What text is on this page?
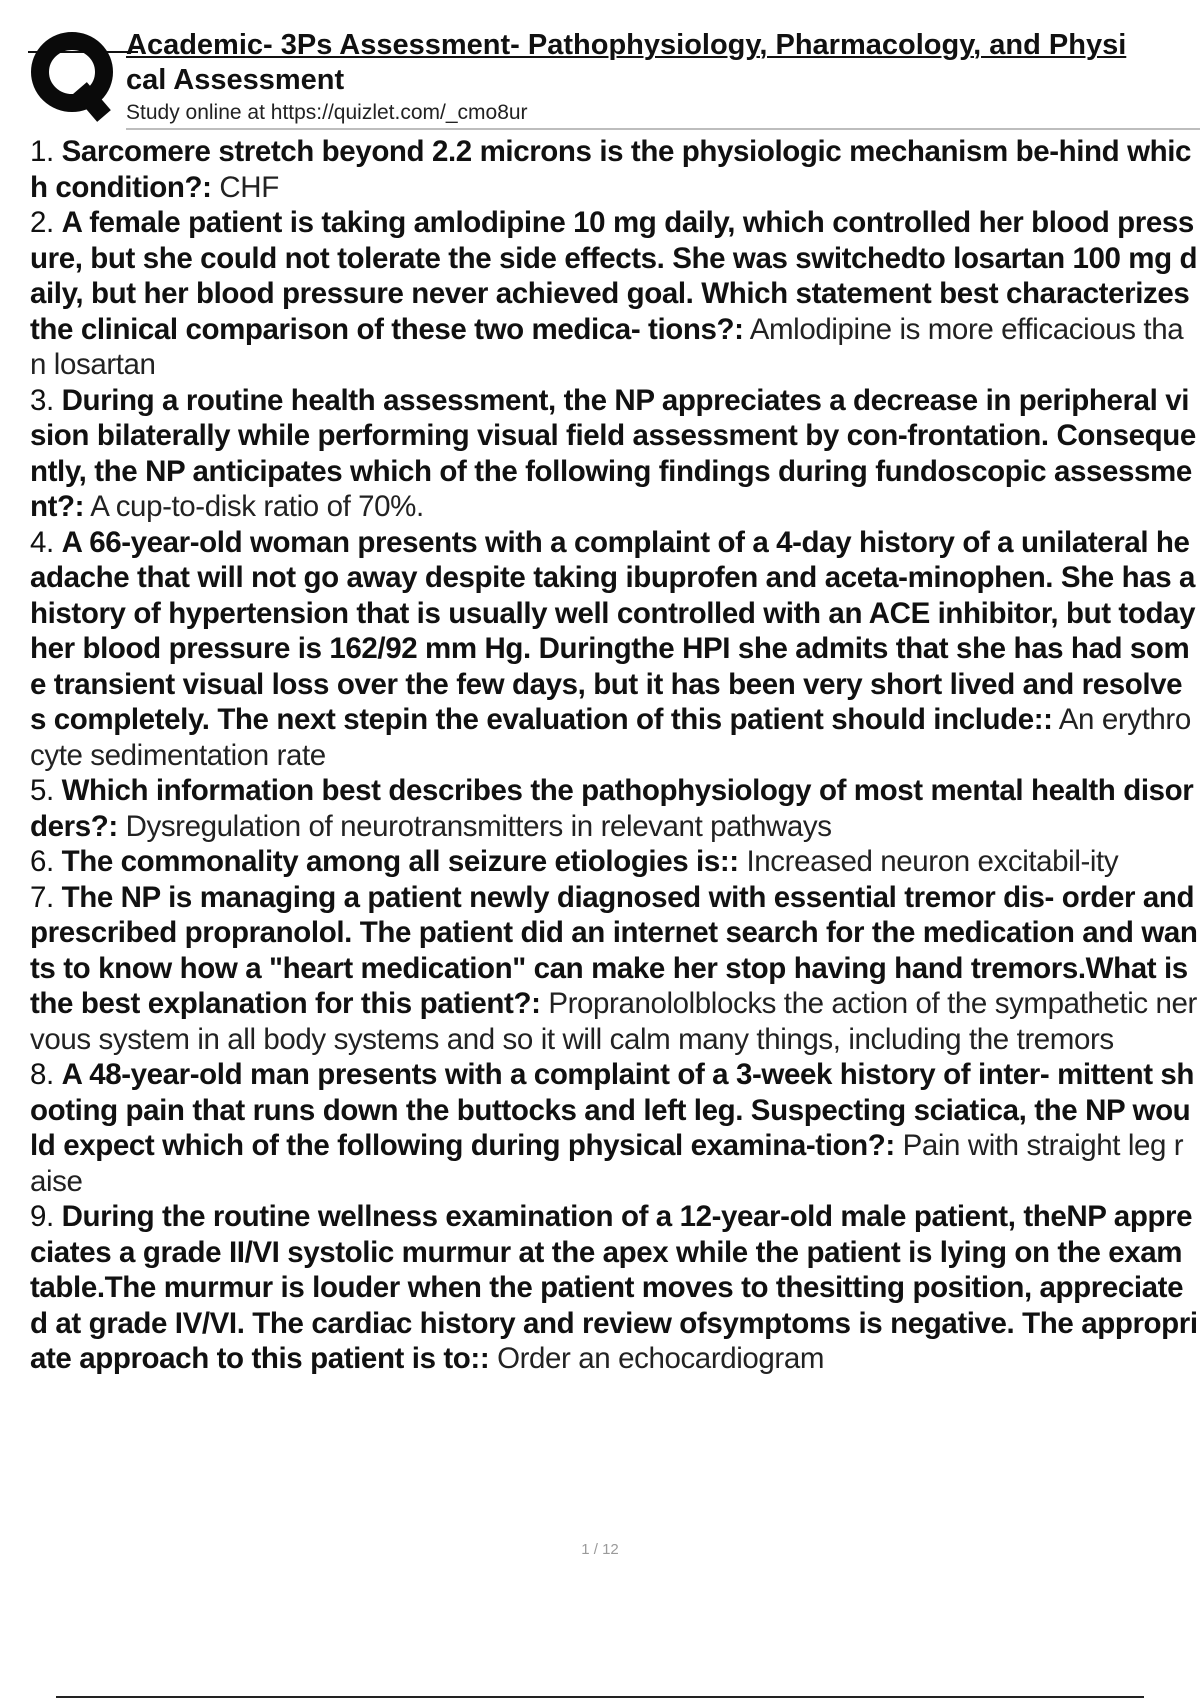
Academic- 3Ps Assessment- Pathophysiology, Pharmacology, and Physi
cal Assessment
Study online at https://quizlet.com/_cmo8ur

1. Sarcomere stretch beyond 2.2 microns is the physiologic mechanism be-hind which condition?: CHF

2. A female patient is taking amlodipine 10 mg daily, which controlled her blood pressure, but she could not tolerate the side effects. She was switchedto losartan 100 mg daily, but her blood pressure never achieved goal. Which statement best characterizes the clinical comparison of these two medica- tions?: Amlodipine is more efficacious than losartan

3. During a routine health assessment, the NP appreciates a decrease in peripheral vision bilaterally while performing visual field assessment by con-frontation. Consequently, the NP anticipates which of the following findings during fundoscopic assessment?: A cup-to-disk ratio of 70%.

4. A 66-year-old woman presents with a complaint of a 4-day history of a unilateral headache that will not go away despite taking ibuprofen and aceta-minophen. She has a history of hypertension that is usually well controlled with an ACE inhibitor, but today her blood pressure is 162/92 mm Hg. Duringthe HPI she admits that she has had some transient visual loss over the few days, but it has been very short lived and resolves completely. The next stepin the evaluation of this patient should include:: An erythrocyte sedimentation rate

5. Which information best describes the pathophysiology of most mental health disorders?: Dysregulation of neurotransmitters in relevant pathways

6. The commonality among all seizure etiologies is:: Increased neuron excitabil-ity

7. The NP is managing a patient newly diagnosed with essential tremor dis- order and prescribed propranolol. The patient did an internet search for the medication and wants to know how a "heart medication" can make her stop having hand tremors.What is the best explanation for this patient?: Propranololblocks the action of the sympathetic nervous system in all body systems and so it will calm many things, including the tremors

8. A 48-year-old man presents with a complaint of a 3-week history of inter- mittent shooting pain that runs down the buttocks and left leg. Suspecting sciatica, the NP would expect which of the following during physical examina-tion?: Pain with straight leg raise

9. During the routine wellness examination of a 12-year-old male patient, theNP appreciates a grade II/VI systolic murmur at the apex while the patient is lying on the exam table.The murmur is louder when the patient moves to thesitting position, appreciated at grade IV/VI. The cardiac history and review ofsymptoms is negative. The appropriate approach to this patient is to:: Order an echocardiogram

1 / 12
